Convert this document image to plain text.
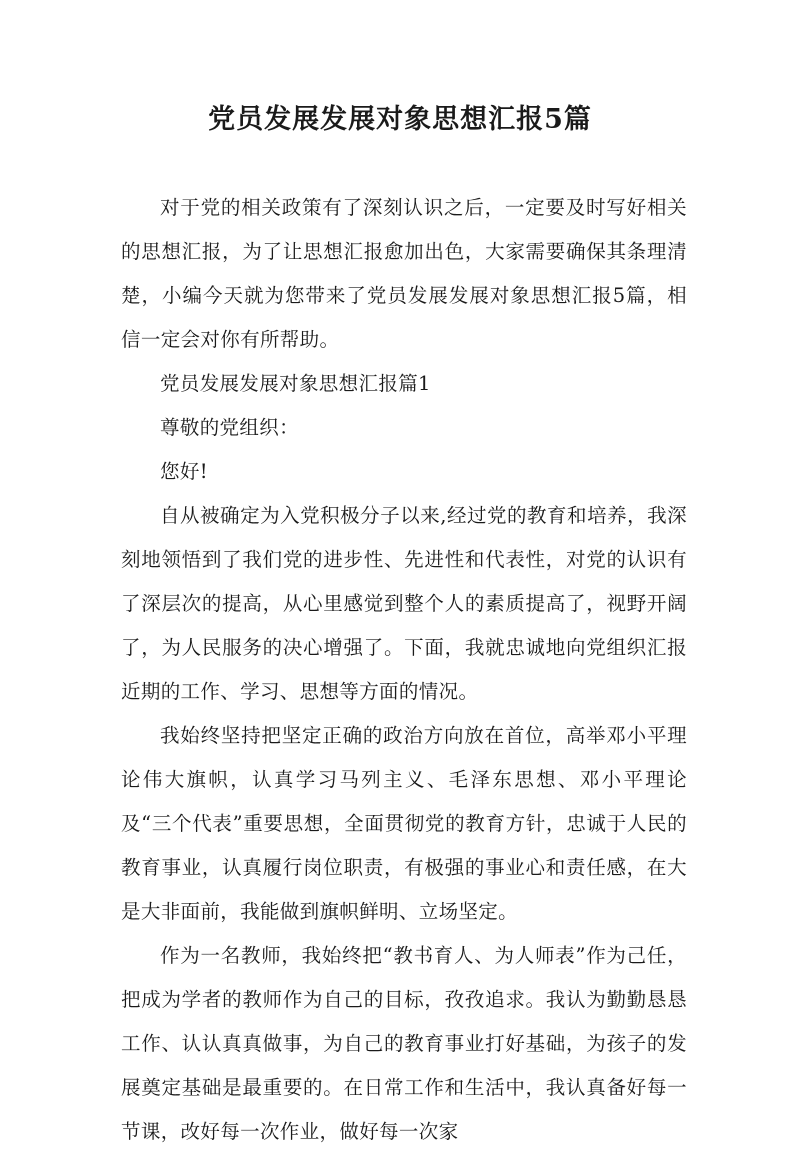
党员发展发展对象思想汇报5篇

对于党的相关政策有了深刻认识之后，一定要及时写好相关的思想汇报，为了让思想汇报愈加出色，大家需要确保其条理清楚，小编今天就为您带来了党员发展发展对象思想汇报5篇，相信一定会对你有所帮助。

党员发展发展对象思想汇报篇1

尊敬的党组织：

您好!

自从被确定为入党积极分子以来,经过党的教育和培养，我深刻地领悟到了我们党的进步性、先进性和代表性，对党的认识有了深层次的提高，从心里感觉到整个人的素质提高了，视野开阔了，为人民服务的决心增强了。下面，我就忠诚地向党组织汇报近期的工作、学习、思想等方面的情况。

我始终坚持把坚定正确的政治方向放在首位，高举邓小平理论伟大旗帜，认真学习马列主义、毛泽东思想、邓小平理论及“三个代表”重要思想，全面贯彻党的教育方针，忠诚于人民的教育事业，认真履行岗位职责，有极强的事业心和责任感，在大是大非面前，我能做到旗帜鲜明、立场坚定。

作为一名教师，我始终把“教书育人、为人师表”作为己任，把成为学者的教师作为自己的目标，孜孜追求。我认为勤勤恳恳工作、认认真真做事，为自己的教育事业打好基础，为孩子的发展奠定基础是最重要的。在日常工作和生活中，我认真备好每一节课，改好每一次作业，做好每一次家
